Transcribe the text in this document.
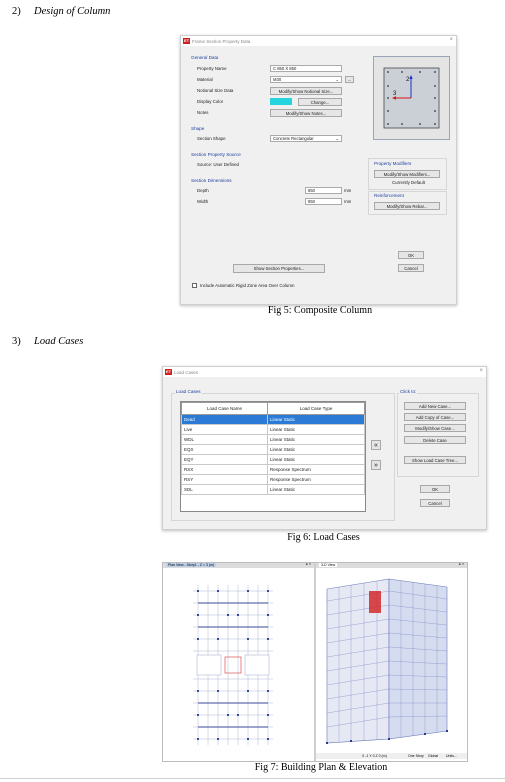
2) Design of Column
ET Frame Section Property Data	×
General Data
Property Name	C 850 X 850
Material	M30	⌄	...
Notional Size Data	Modify/Show Notional Size...
Display Color	Change...
Notes	Modify/Show Notes...
2
3
Shape
Section Shape	Concrete Rectangular	⌄
Section Property Source
Source: User Defined
Section Dimensions
Depth	850	mm
Width	850	mm
Property Modifiers
Modify/Show Modifiers...
Currently Default
Reinforcement
Modify/Show Rebar...
Show Section Properties...
OK
Cancel
Include Automatic Rigid Zone Area Over Column
Fig 5: Composite Column
3) Load Cases
ET Load Cases	×
Load Cases
Load Case Name	Load Case Type
Dead	Linear Static
Live	Linear Static
WDL	Linear Static
EQX	Linear Static
EQY	Linear Static
RSX	Response Spectrum
RSY	Response Spectrum
SDL	Linear Static
«
»
Click to:
Add New Case...
Add Copy of Case...
Modify/Show Case...
Delete Case
Show Load Case Tree...
OK
Cancel
Fig 6: Load Cases
Plan View - Story1 - Z = 3 (m)	▸ ×	3-D View	▸ ×
X -1 Y 0 Z 0 (m)	One Story Global Units...
Fig 7: Building Plan & Elevation
